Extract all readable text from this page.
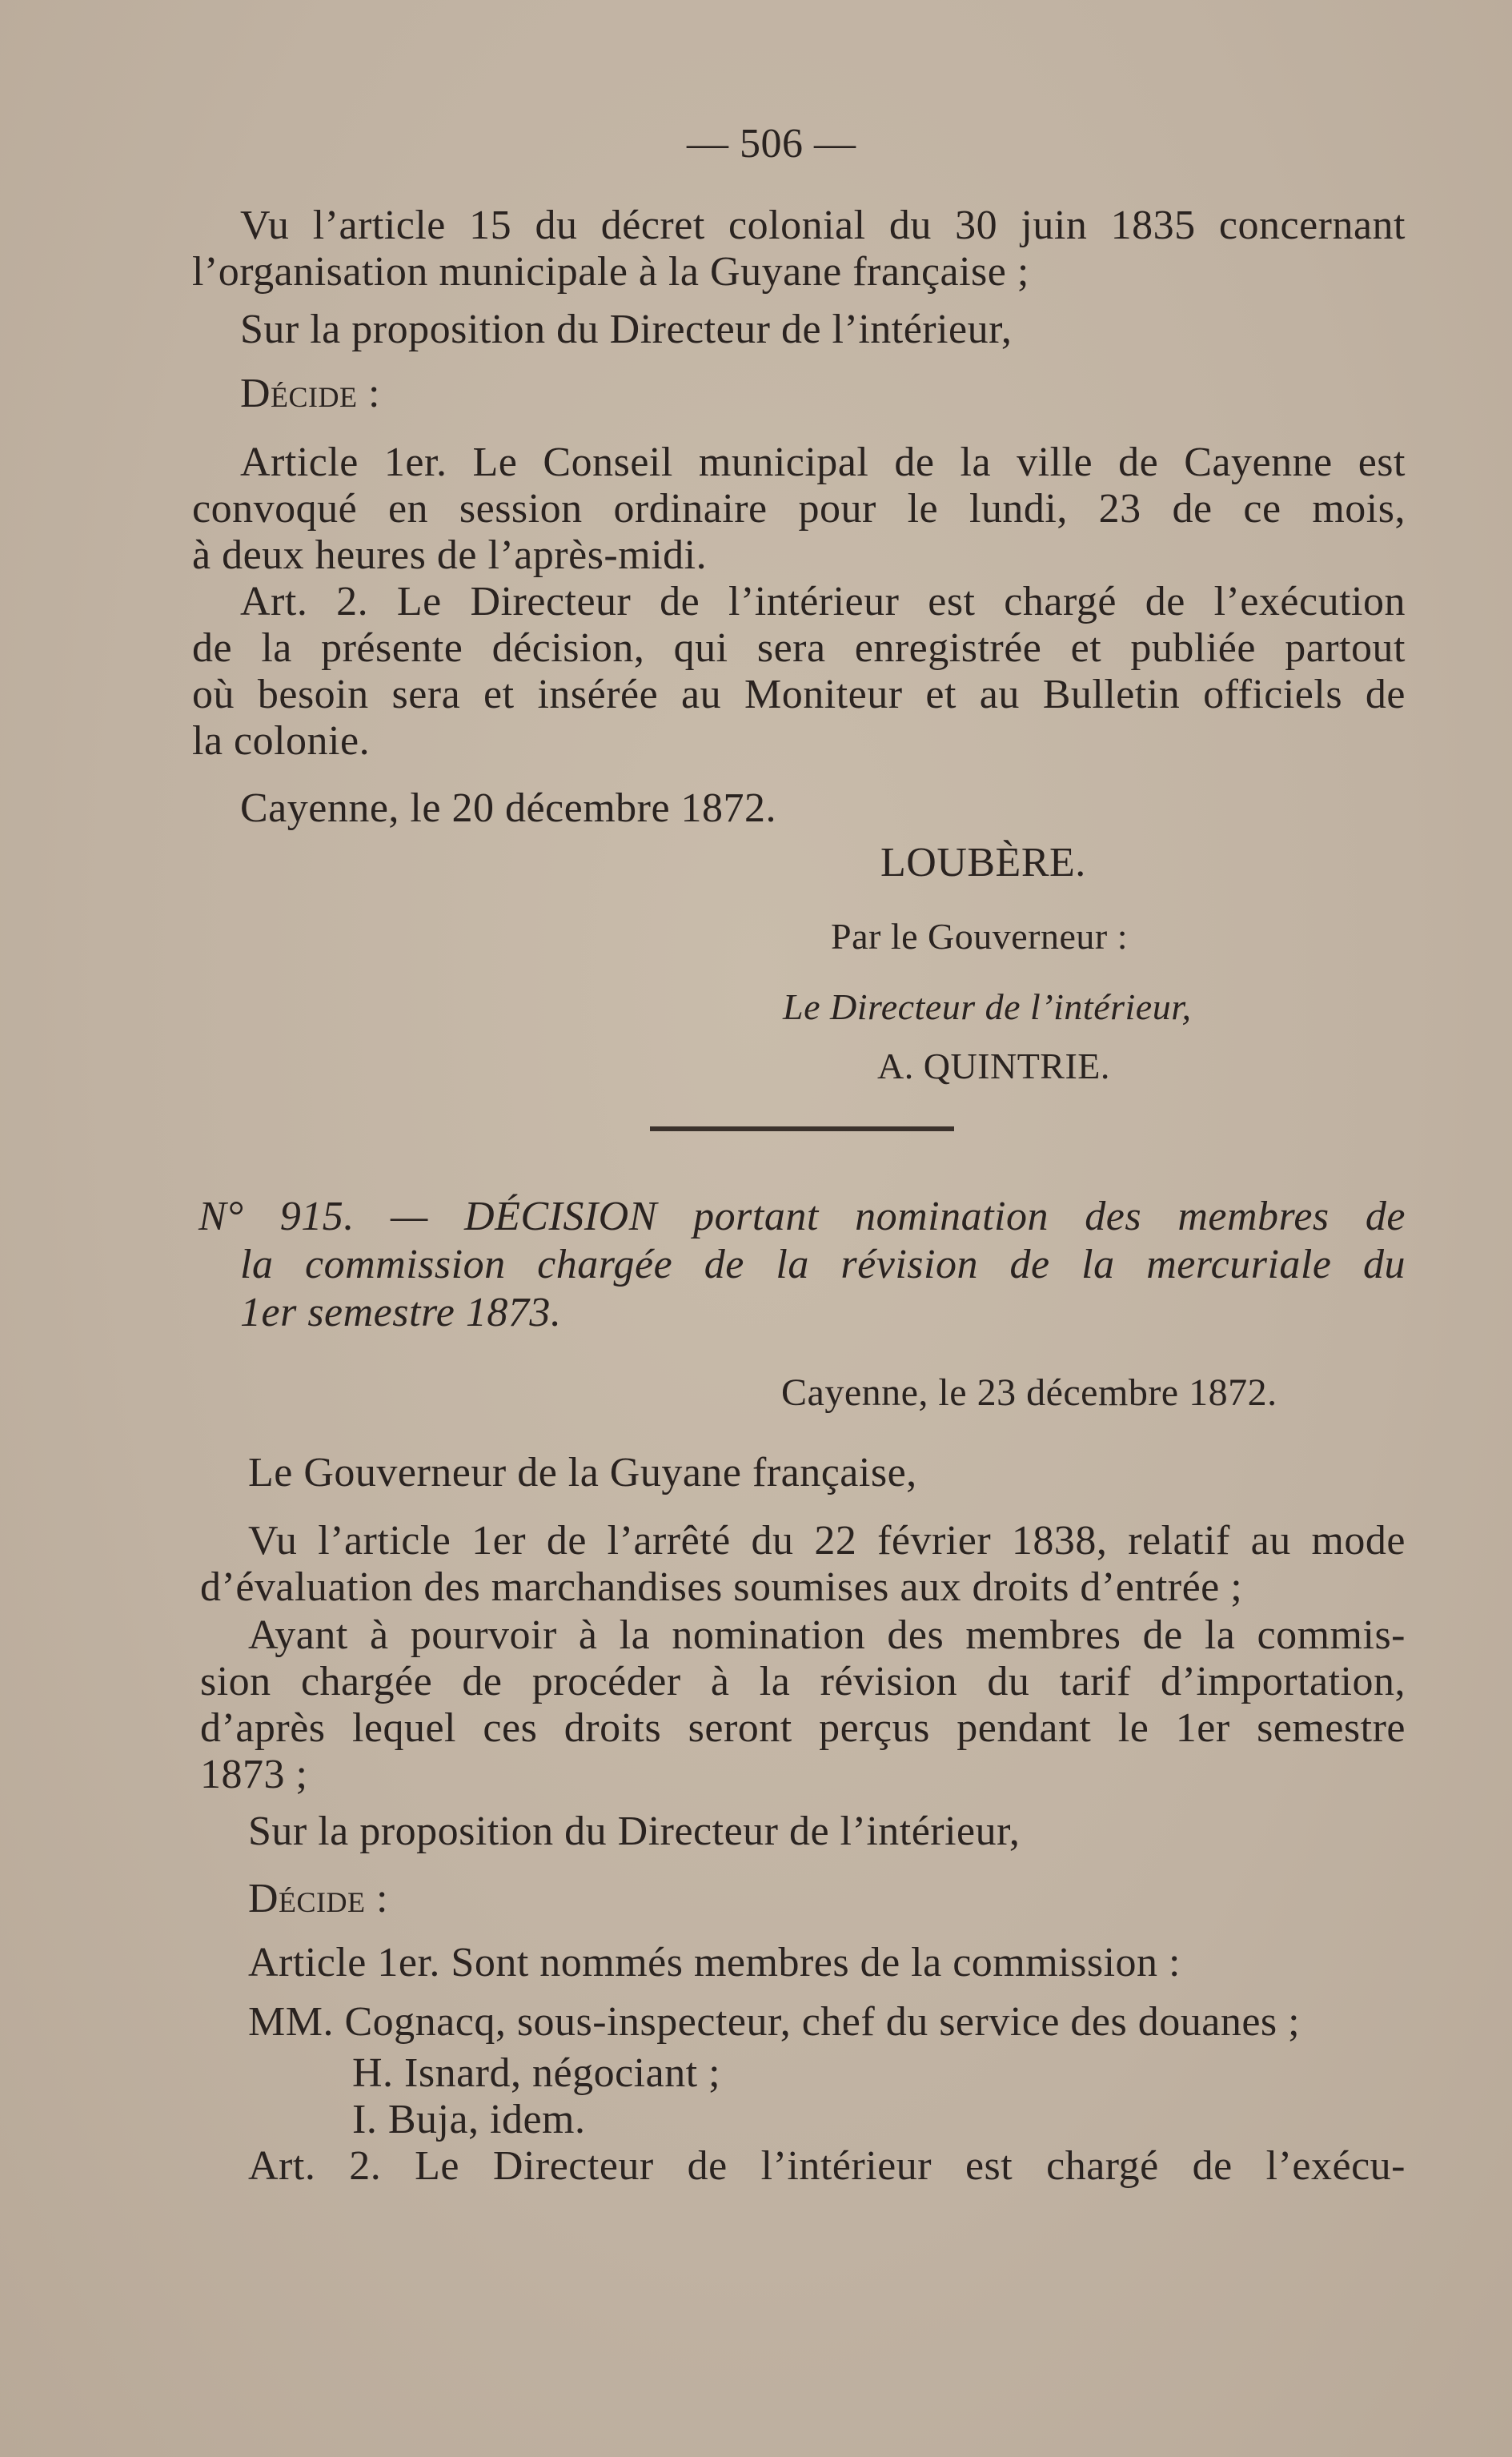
— 506 —
Vu l’article 15 du décret colonial du 30 juin 1835 concernant
l’organisation municipale à la Guyane française ;
Sur la proposition du Directeur de l’intérieur,
Décide :
Article 1er. Le Conseil municipal de la ville de Cayenne est
convoqué en session ordinaire pour le lundi, 23 de ce mois,
à deux heures de l’après-midi.
Art. 2. Le Directeur de l’intérieur est chargé de l’exécution
de la présente décision, qui sera enregistrée et publiée partout
où besoin sera et insérée au Moniteur et au Bulletin officiels de
la colonie.
Cayenne, le 20 décembre 1872.
LOUBÈRE.
Par le Gouverneur :
Le Directeur de l’intérieur,
A. QUINTRIE.
N° 915. — DÉCISION portant nomination des membres de
la commission chargée de la révision de la mercuriale du
1er semestre 1873.
Cayenne, le 23 décembre 1872.
Le Gouverneur de la Guyane française,
Vu l’article 1er de l’arrêté du 22 février 1838, relatif au mode
d’évaluation des marchandises soumises aux droits d’entrée ;
Ayant à pourvoir à la nomination des membres de la commis-
sion chargée de procéder à la révision du tarif d’importation,
d’après lequel ces droits seront perçus pendant le 1er semestre
1873 ;
Sur la proposition du Directeur de l’intérieur,
Décide :
Article 1er. Sont nommés membres de la commission :
MM. Cognacq, sous-inspecteur, chef du service des douanes ;
H. Isnard, négociant ;
I. Buja, idem.
Art. 2. Le Directeur de l’intérieur est chargé de l’exécu-
